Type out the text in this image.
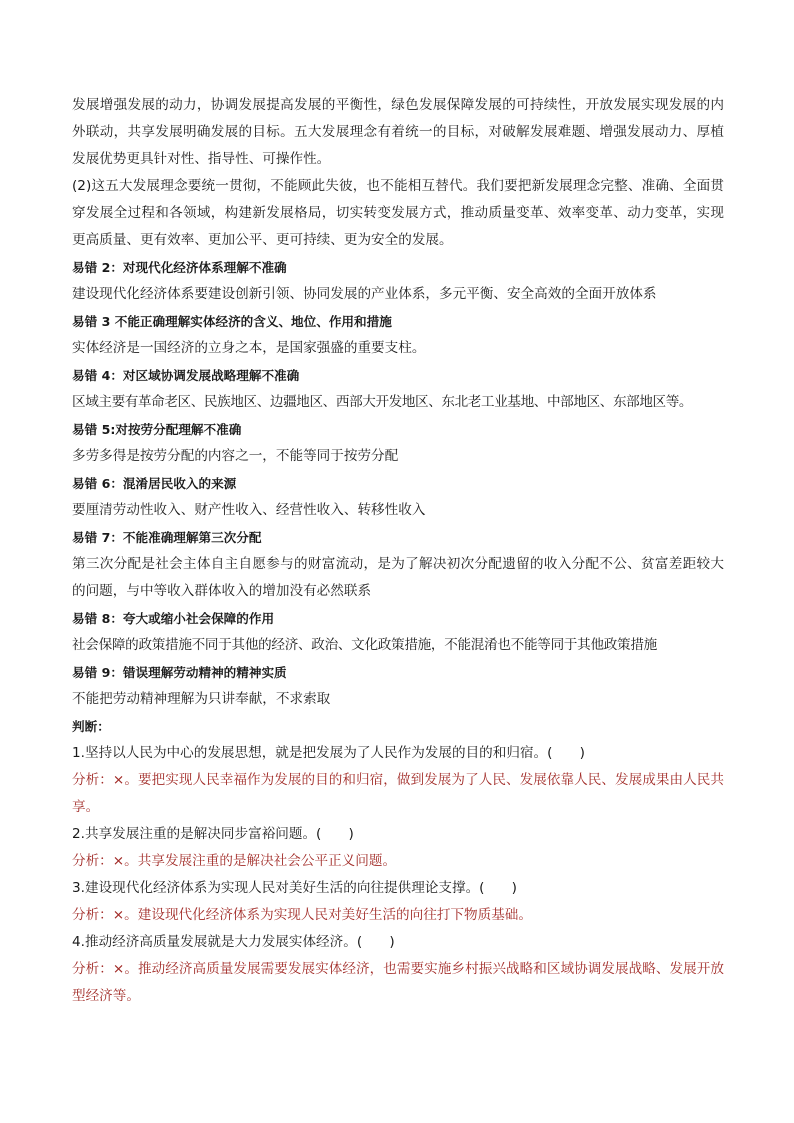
发展增强发展的动力，协调发展提高发展的平衡性，绿色发展保障发展的可持续性，开放发展实现发展的内外联动，共享发展明确发展的目标。五大发展理念有着统一的目标，对破解发展难题、增强发展动力、厚植发展优势更具针对性、指导性、可操作性。

(2)这五大发展理念要统一贯彻，不能顾此失彼，也不能相互替代。我们要把新发展理念完整、准确、全面贯穿发展全过程和各领域，构建新发展格局，切实转变发展方式，推动质量变革、效率变革、动力变革，实现更高质量、更有效率、更加公平、更可持续、更为安全的发展。

易错 2：对现代化经济体系理解不准确

建设现代化经济体系要建设创新引领、协同发展的产业体系，多元平衡、安全高效的全面开放体系

易错 3 不能正确理解实体经济的含义、地位、作用和措施

实体经济是一国经济的立身之本，是国家强盛的重要支柱。

易错 4：对区域协调发展战略理解不准确

区域主要有革命老区、民族地区、边疆地区、西部大开发地区、东北老工业基地、中部地区、东部地区等。

易错 5:对按劳分配理解不准确

多劳多得是按劳分配的内容之一，不能等同于按劳分配

易错 6：混淆居民收入的来源

要厘清劳动性收入、财产性收入、经营性收入、转移性收入

易错 7：不能准确理解第三次分配

第三次分配是社会主体自主自愿参与的财富流动，是为了解决初次分配遗留的收入分配不公、贫富差距较大的问题，与中等收入群体收入的增加没有必然联系

易错 8：夸大或缩小社会保障的作用

社会保障的政策措施不同于其他的经济、政治、文化政策措施，不能混淆也不能等同于其他政策措施

易错 9：错误理解劳动精神的精神实质

不能把劳动精神理解为只讲奉献，不求索取

判断：

1.坚持以人民为中心的发展思想，就是把发展为了人民作为发展的目的和归宿。(　　)

分析：×。要把实现人民幸福作为发展的目的和归宿，做到发展为了人民、发展依靠人民、发展成果由人民共享。

2.共享发展注重的是解决同步富裕问题。(　　)

分析：×。共享发展注重的是解决社会公平正义问题。

3.建设现代化经济体系为实现人民对美好生活的向往提供理论支撑。(　　)

分析：×。建设现代化经济体系为实现人民对美好生活的向往打下物质基础。

4.推动经济高质量发展就是大力发展实体经济。(　　)

分析：×。推动经济高质量发展需要发展实体经济，也需要实施乡村振兴战略和区域协调发展战略、发展开放型经济等。
